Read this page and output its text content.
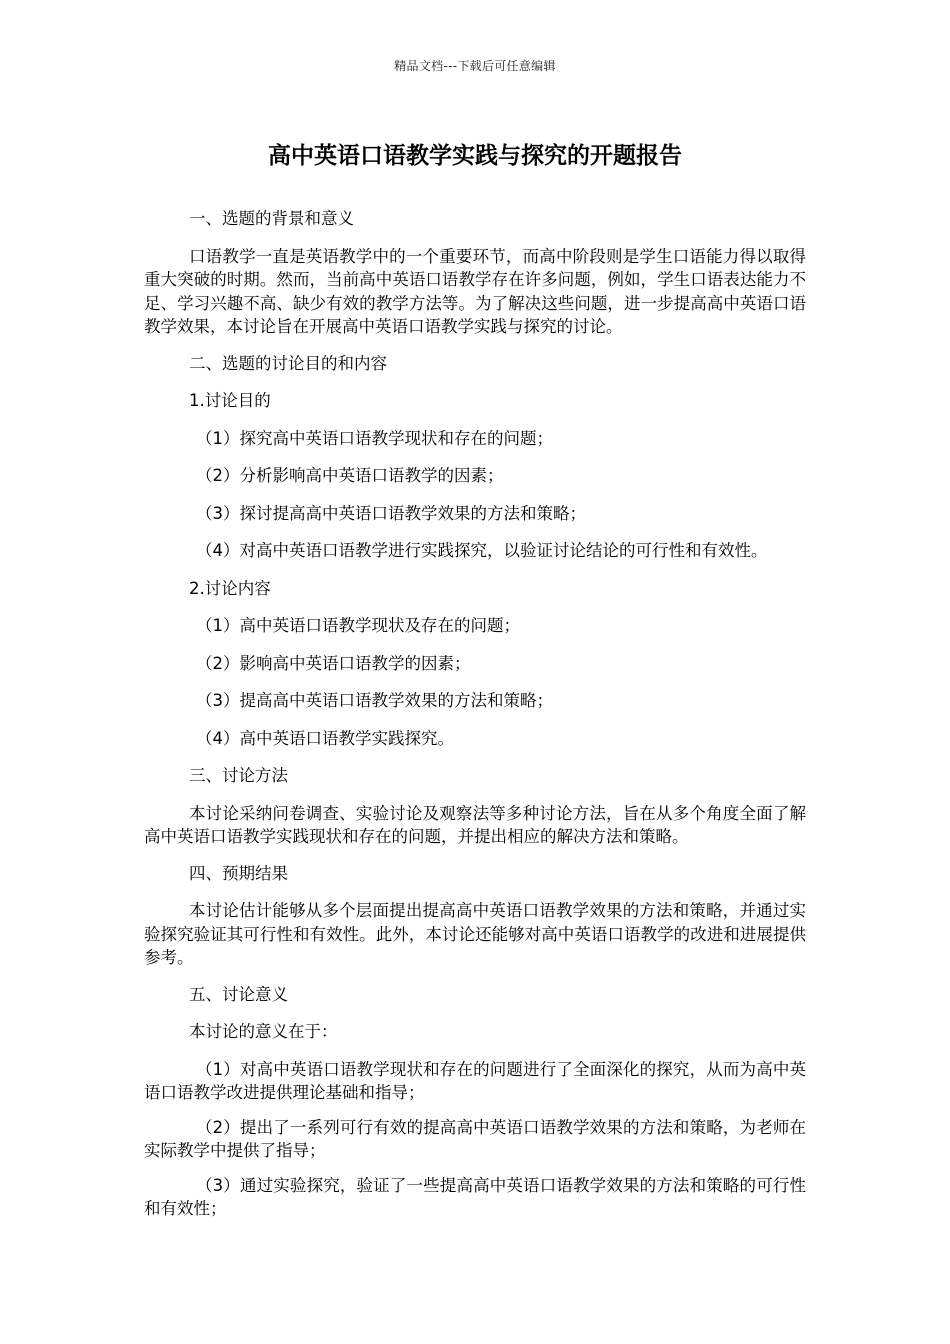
精品文档---下载后可任意编辑
高中英语口语教学实践与探究的开题报告
一、选题的背景和意义
口语教学一直是英语教学中的一个重要环节，而高中阶段则是学生口语能力得以取得重大突破的时期。然而，当前高中英语口语教学存在许多问题，例如，学生口语表达能力不足、学习兴趣不高、缺少有效的教学方法等。为了解决这些问题，进一步提高高中英语口语教学效果，本讨论旨在开展高中英语口语教学实践与探究的讨论。
二、选题的讨论目的和内容
1.讨论目的
（1）探究高中英语口语教学现状和存在的问题；
（2）分析影响高中英语口语教学的因素；
（3）探讨提高高中英语口语教学效果的方法和策略；
（4）对高中英语口语教学进行实践探究，以验证讨论结论的可行性和有效性。
2.讨论内容
（1）高中英语口语教学现状及存在的问题；
（2）影响高中英语口语教学的因素；
（3）提高高中英语口语教学效果的方法和策略；
（4）高中英语口语教学实践探究。
三、讨论方法
本讨论采纳问卷调查、实验讨论及观察法等多种讨论方法，旨在从多个角度全面了解高中英语口语教学实践现状和存在的问题，并提出相应的解决方法和策略。
四、预期结果
本讨论估计能够从多个层面提出提高高中英语口语教学效果的方法和策略，并通过实验探究验证其可行性和有效性。此外，本讨论还能够对高中英语口语教学的改进和进展提供参考。
五、讨论意义
本讨论的意义在于：
（1）对高中英语口语教学现状和存在的问题进行了全面深化的探究，从而为高中英语口语教学改进提供理论基础和指导；
（2）提出了一系列可行有效的提高高中英语口语教学效果的方法和策略，为老师在实际教学中提供了指导；
（3）通过实验探究，验证了一些提高高中英语口语教学效果的方法和策略的可行性和有效性；
